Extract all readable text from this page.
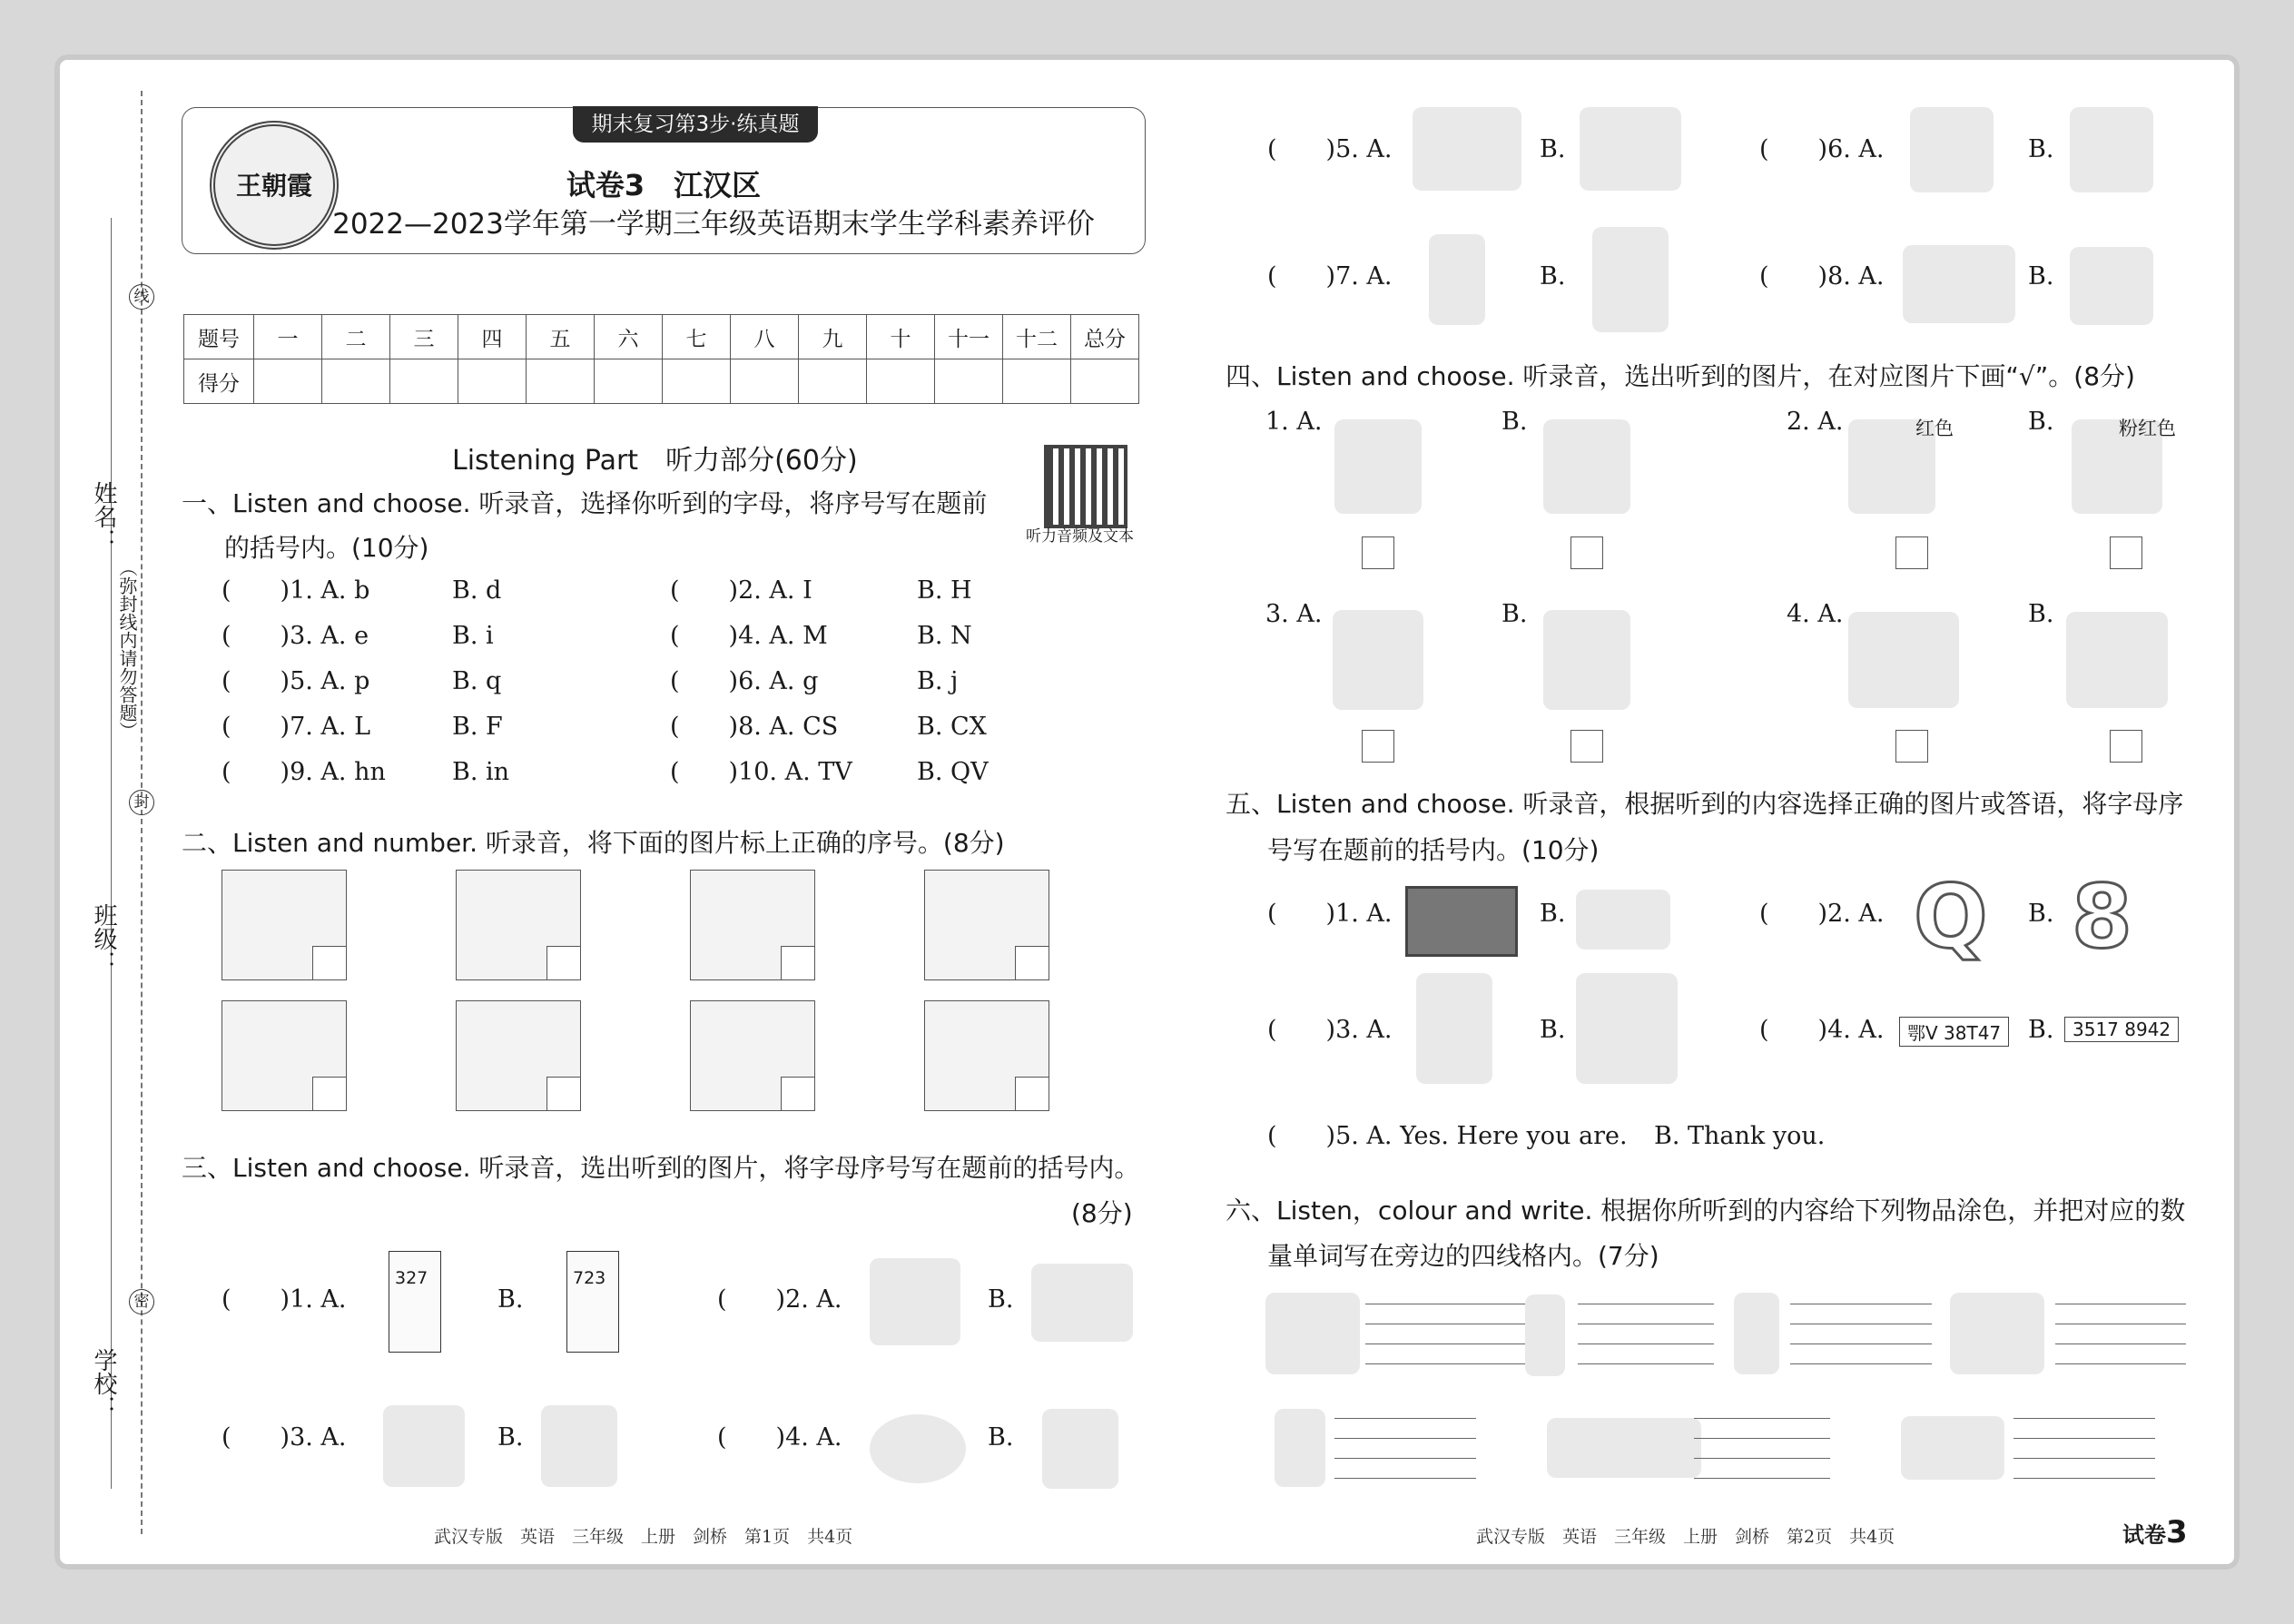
线
封
密
（弥封线内请勿答题）
姓名：
班级：
学校：
期末复习第3步·练真题
王朝霞	试卷3　江汉区
2022—2023学年第一学期三年级英语期末学生学科素养评价
题号	一	二	三	四	五	六	七	八	九	十	十一	十二	总分
得分													
Listening Part　听力部分(60分)
听力音频及文本
一、Listen and choose. 听录音，选择你听到的字母，将序号写在题前
的括号内。(10分)
(　　)1. A. b	B. d	(　　)2. A. I	B. H
(　　)3. A. e	B. i	(　　)4. A. M	B. N
(　　)5. A. p	B. q	(　　)6. A. g	B. j
(　　)7. A. L	B. F	(　　)8. A. CS	B. CX
(　　)9. A. hn	B. in	(　　)10. A. TV	B. QV
二、Listen and number. 听录音，将下面的图片标上正确的序号。(8分)
三、Listen and choose. 听录音，选出听到的图片，将字母序号写在题前的括号内。
(8分)
(　　)1. A.
327
B.
723
(　　)2. A.	B.
(　　)3. A.	B.	(　　)4. A.	B.
武汉专版　英语　三年级　上册　剑桥　第1页　共4页
(　　)5. A.	B.	(　　)6. A.	B.
(　　)7. A.	B.	(　　)8. A.	B.
四、Listen and choose. 听录音，选出听到的图片，在对应图片下画“√”。(8分)
1. A.	B.	2. A.	红色	B.	粉红色
3. A.	B.	4. A.	B.
五、Listen and choose. 听录音，根据听到的内容选择正确的图片或答语，将字母序
号写在题前的括号内。(10分)
(　　)1. A.	B.	(　　)2. A. Q B. 8
(　　)3. A.	B.	(　　)4. A.	鄂V 38T47	B.	3517 8942
(　　)5. A. Yes. Here you are. B. Thank you.
六、Listen，colour and write. 根据你所听到的内容给下列物品涂色，并把对应的数
量单词写在旁边的四线格内。(7分)
武汉专版　英语　三年级　上册　剑桥　第2页　共4页	试卷3
